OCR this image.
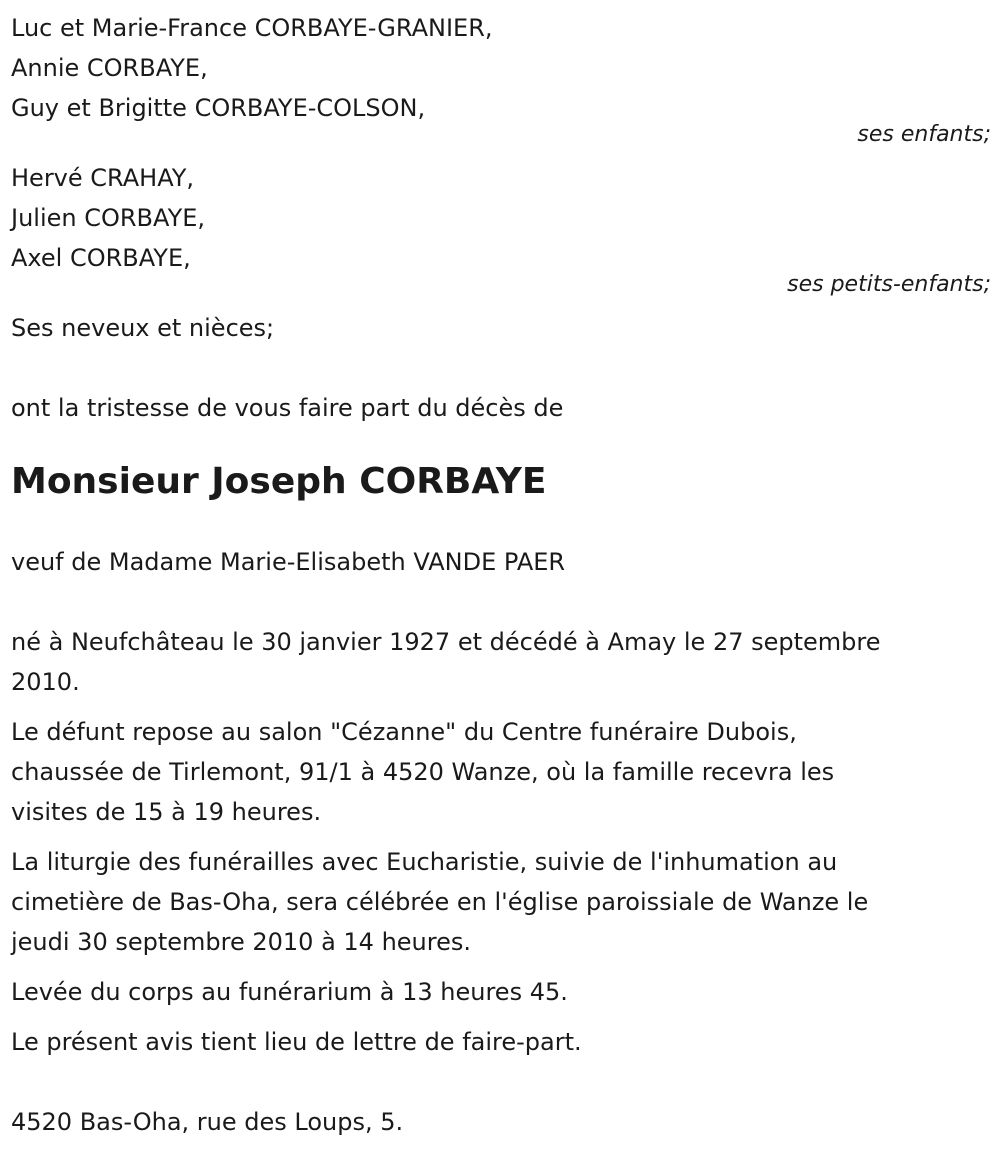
Luc et Marie-France CORBAYE-GRANIER,
Annie CORBAYE,
Guy et Brigitte CORBAYE-COLSON,
ses enfants;
Hervé CRAHAY,
Julien CORBAYE,
Axel CORBAYE,
ses petits-enfants;
Ses neveux et nièces;
ont la tristesse de vous faire part du décès de
Monsieur Joseph CORBAYE
veuf de Madame Marie-Elisabeth VANDE PAER
né à Neufchâteau le 30 janvier 1927 et décédé à Amay le 27 septembre
2010.
Le défunt repose au salon "Cézanne" du Centre funéraire Dubois,
chaussée de Tirlemont, 91/1 à 4520 Wanze, où la famille recevra les
visites de 15 à 19 heures.
La liturgie des funérailles avec Eucharistie, suivie de l'inhumation au
cimetière de Bas-Oha, sera célébrée en l'église paroissiale de Wanze le
jeudi 30 septembre 2010 à 14 heures.
Levée du corps au funérarium à 13 heures 45.
Le présent avis tient lieu de lettre de faire-part.
4520 Bas-Oha, rue des Loups, 5.
